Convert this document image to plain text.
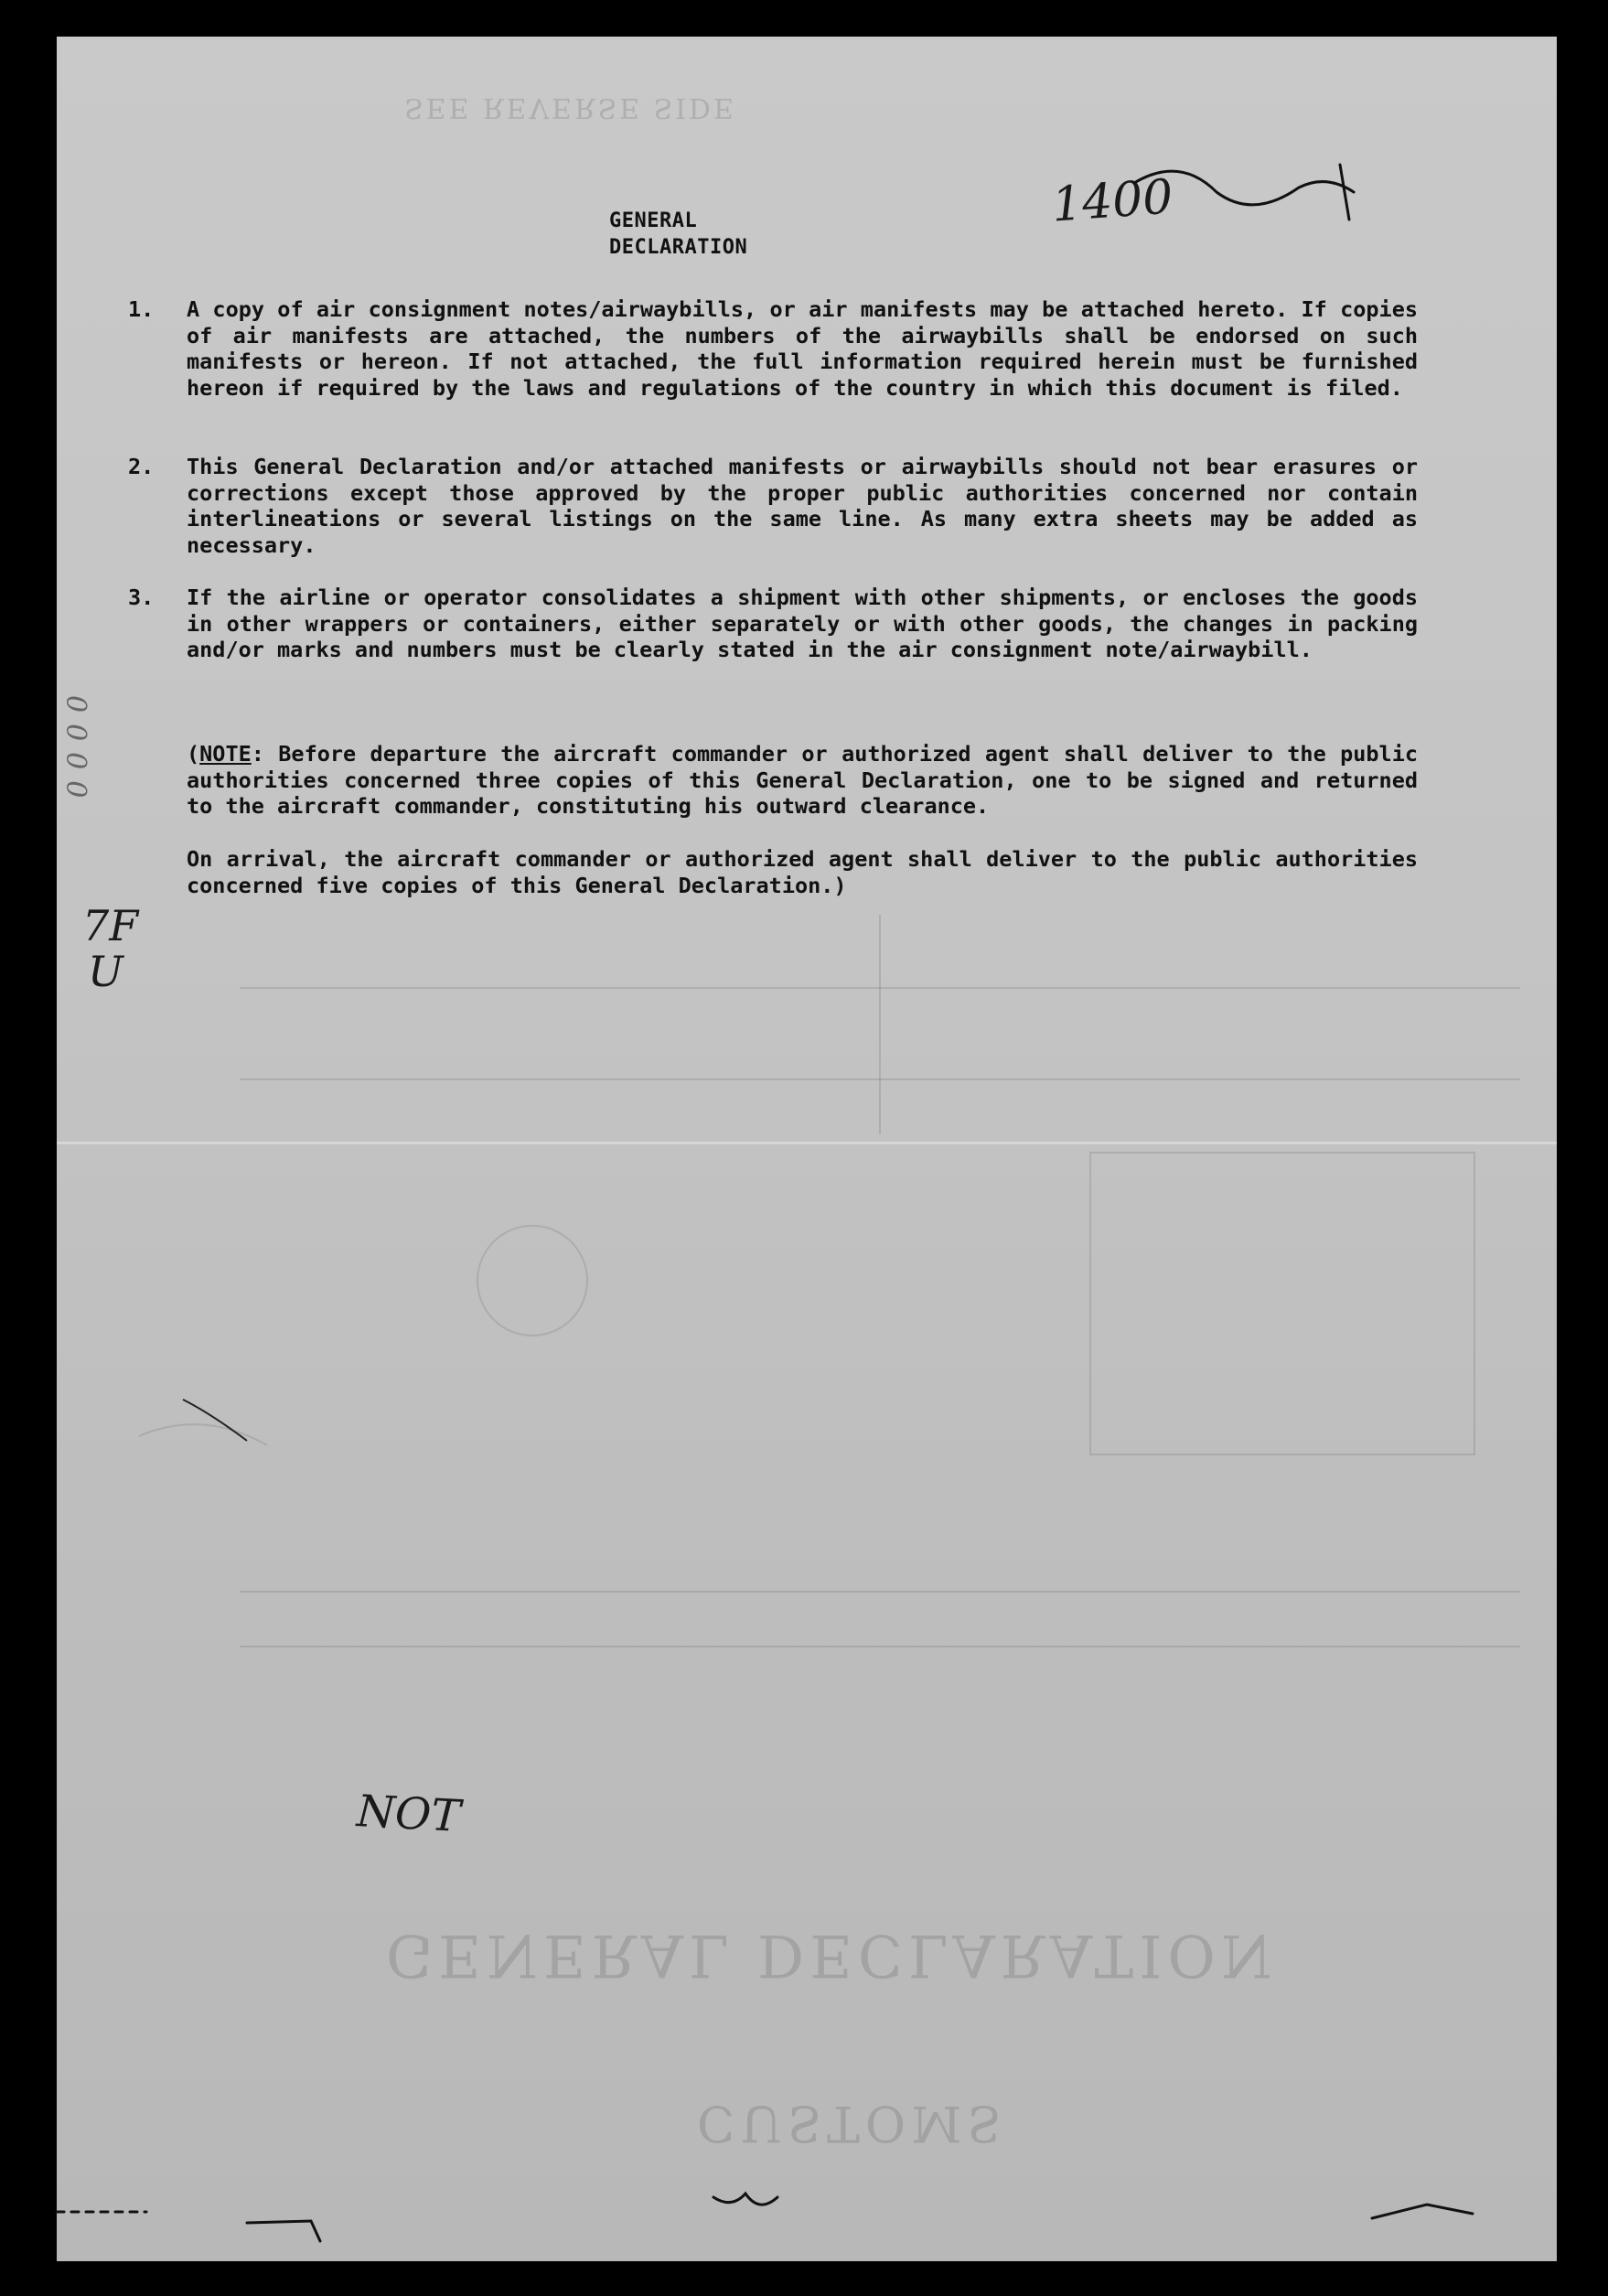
SEE REVERSE SIDE
GENERAL DECLARATION
CUSTOMS
GENERAL DECLARATION
1. A copy of air consignment notes/airwaybills, or air manifests may be attached hereto. If copies of air manifests are attached, the numbers of the airwaybills shall be endorsed on such manifests or hereon. If not attached, the full information required herein must be furnished hereon if required by the laws and regulations of the country in which this document is filed.
2. This General Declaration and/or attached manifests or airwaybills should not bear erasures or corrections except those approved by the proper public authorities concerned nor contain interlineations or several listings on the same line. As many extra sheets may be added as necessary.
3. If the airline or operator consolidates a shipment with other shipments, or encloses the goods in other wrappers or containers, either separately or with other goods, the changes in packing and/or marks and numbers must be clearly stated in the air consignment note/airwaybill.
(NOTE: Before departure the aircraft commander or authorized agent shall deliver to the public authorities concerned three copies of this General Declaration, one to be signed and returned to the aircraft commander, constituting his outward clearance.
On arrival, the aircraft commander or authorized agent shall deliver to the public authorities concerned five copies of this General Declaration.)
1400
0000
7F
U
NOT
